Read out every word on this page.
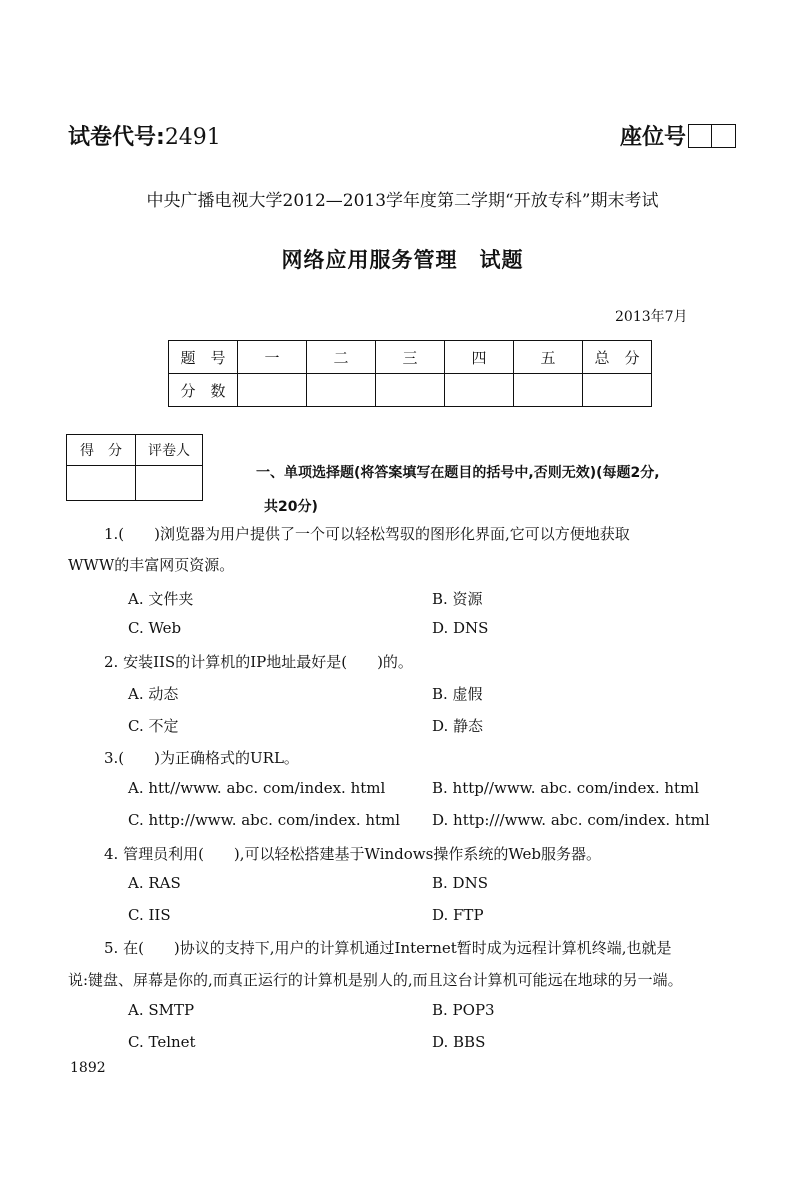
试卷代号:2491	座位号
中央广播电视大学2012—2013学年度第二学期“开放专科”期末考试
网络应用服务管理　试题
2013年7月
题　号	一	二	三	四	五	总　分
分　数						
得　分	评卷人

一、单项选择题(将答案填写在题目的括号中,否则无效)(每题2分,
共20分)
1.(　　)浏览器为用户提供了一个可以轻松驾驭的图形化界面,它可以方便地获取
WWW的丰富网页资源。
A. 文件夹	B. 资源
C. Web	D. DNS
2. 安装IIS的计算机的IP地址最好是(　　)的。
A. 动态	B. 虚假
C. 不定	D. 静态
3.(　　)为正确格式的URL。
A. htt//www. abc. com/index. html	B. http//www. abc. com/index. html
C. http://www. abc. com/index. html D. http:///www. abc. com/index. html
4. 管理员利用(　　),可以轻松搭建基于Windows操作系统的Web服务器。
A. RAS	B. DNS
C. IIS	D. FTP
5. 在(　　)协议的支持下,用户的计算机通过Internet暂时成为远程计算机终端,也就是
说:键盘、屏幕是你的,而真正运行的计算机是别人的,而且这台计算机可能远在地球的另一端。
A. SMTP	B. POP3
C. Telnet	D. BBS
1892
